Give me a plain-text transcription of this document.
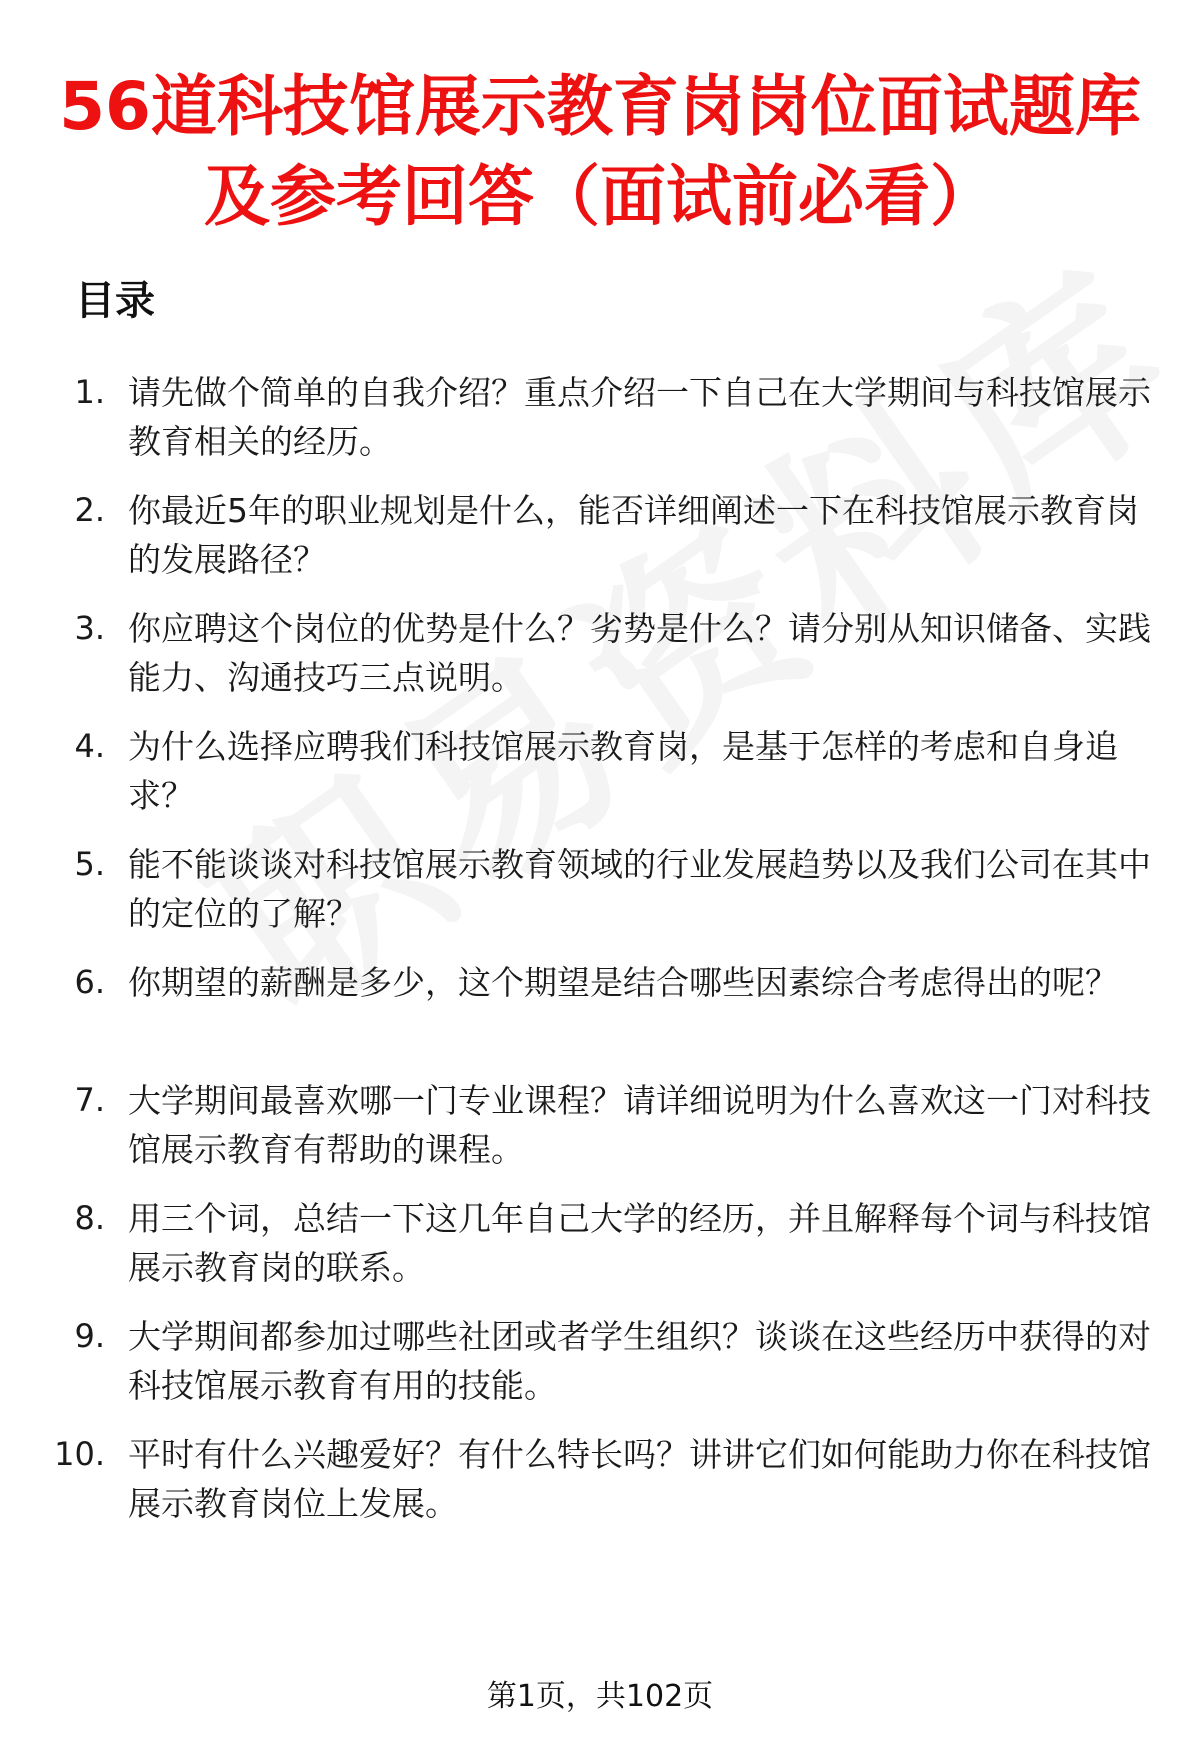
56道科技馆展示教育岗岗位面试题库及参考回答（面试前必看）
目录
1. 请先做个简单的自我介绍？重点介绍一下自己在大学期间与科技馆展示教育相关的经历。
2. 你最近5年的职业规划是什么，能否详细阐述一下在科技馆展示教育岗的发展路径？
3. 你应聘这个岗位的优势是什么？劣势是什么？请分别从知识储备、实践能力、沟通技巧三点说明。
4. 为什么选择应聘我们科技馆展示教育岗，是基于怎样的考虑和自身追求？
5. 能不能谈谈对科技馆展示教育领域的行业发展趋势以及我们公司在其中的定位的了解？
6. 你期望的薪酬是多少，这个期望是结合哪些因素综合考虑得出的呢？
7. 大学期间最喜欢哪一门专业课程？请详细说明为什么喜欢这一门对科技馆展示教育有帮助的课程。
8. 用三个词，总结一下这几年自己大学的经历，并且解释每个词与科技馆展示教育岗的联系。
9. 大学期间都参加过哪些社团或者学生组织？谈谈在这些经历中获得的对科技馆展示教育有用的技能。
10. 平时有什么兴趣爱好？有什么特长吗？讲讲它们如何能助力你在科技馆展示教育岗位上发展。
第1页，共102页
